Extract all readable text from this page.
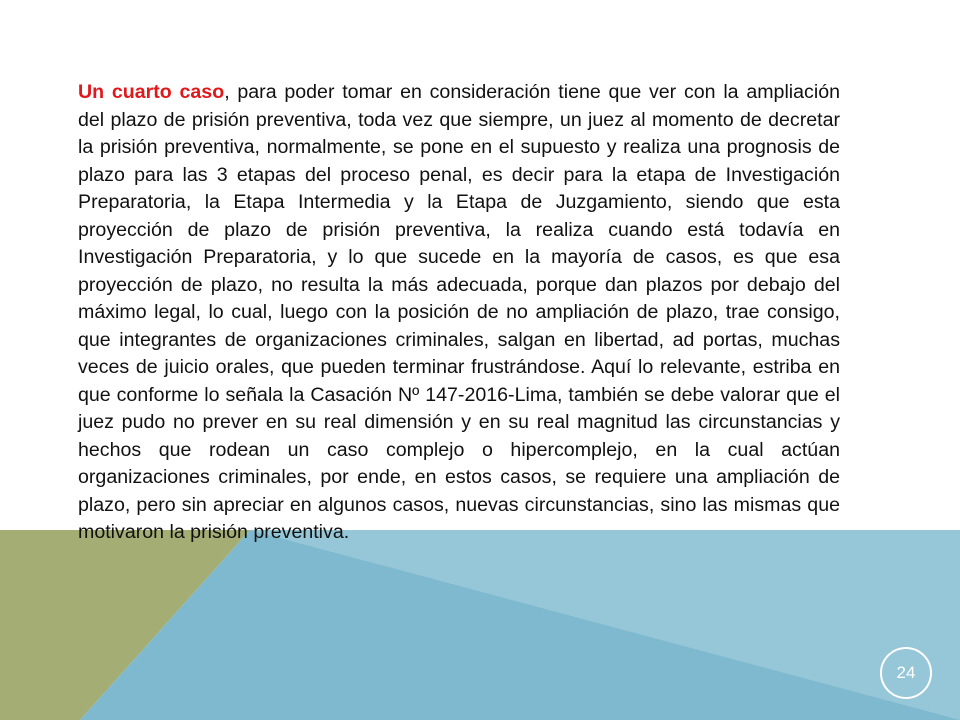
Un cuarto caso, para poder tomar en consideración tiene que ver con la ampliación del plazo de prisión preventiva, toda vez que siempre, un juez al momento de decretar la prisión preventiva, normalmente, se pone en el supuesto y realiza una prognosis de plazo para las 3 etapas del proceso penal, es decir para la etapa de Investigación Preparatoria, la Etapa Intermedia y la Etapa de Juzgamiento, siendo que esta proyección de plazo de prisión preventiva, la realiza cuando está todavía en Investigación Preparatoria, y lo que sucede en la mayoría de casos, es que esa proyección de plazo, no resulta la más adecuada, porque dan plazos por debajo del máximo legal, lo cual, luego con la posición de no ampliación de plazo, trae consigo, que integrantes de organizaciones criminales, salgan en libertad, ad portas, muchas veces de juicio orales, que pueden terminar frustrándose. Aquí lo relevante, estriba en que conforme lo señala la Casación Nº 147-2016-Lima, también se debe valorar que el juez pudo no prever en su real dimensión y en su real magnitud las circunstancias y hechos que rodean un caso complejo o hipercomplejo, en la cual actúan organizaciones criminales, por ende, en estos casos, se requiere una ampliación de plazo, pero sin apreciar en algunos casos, nuevas circunstancias, sino las mismas que motivaron la prisión preventiva.

24
